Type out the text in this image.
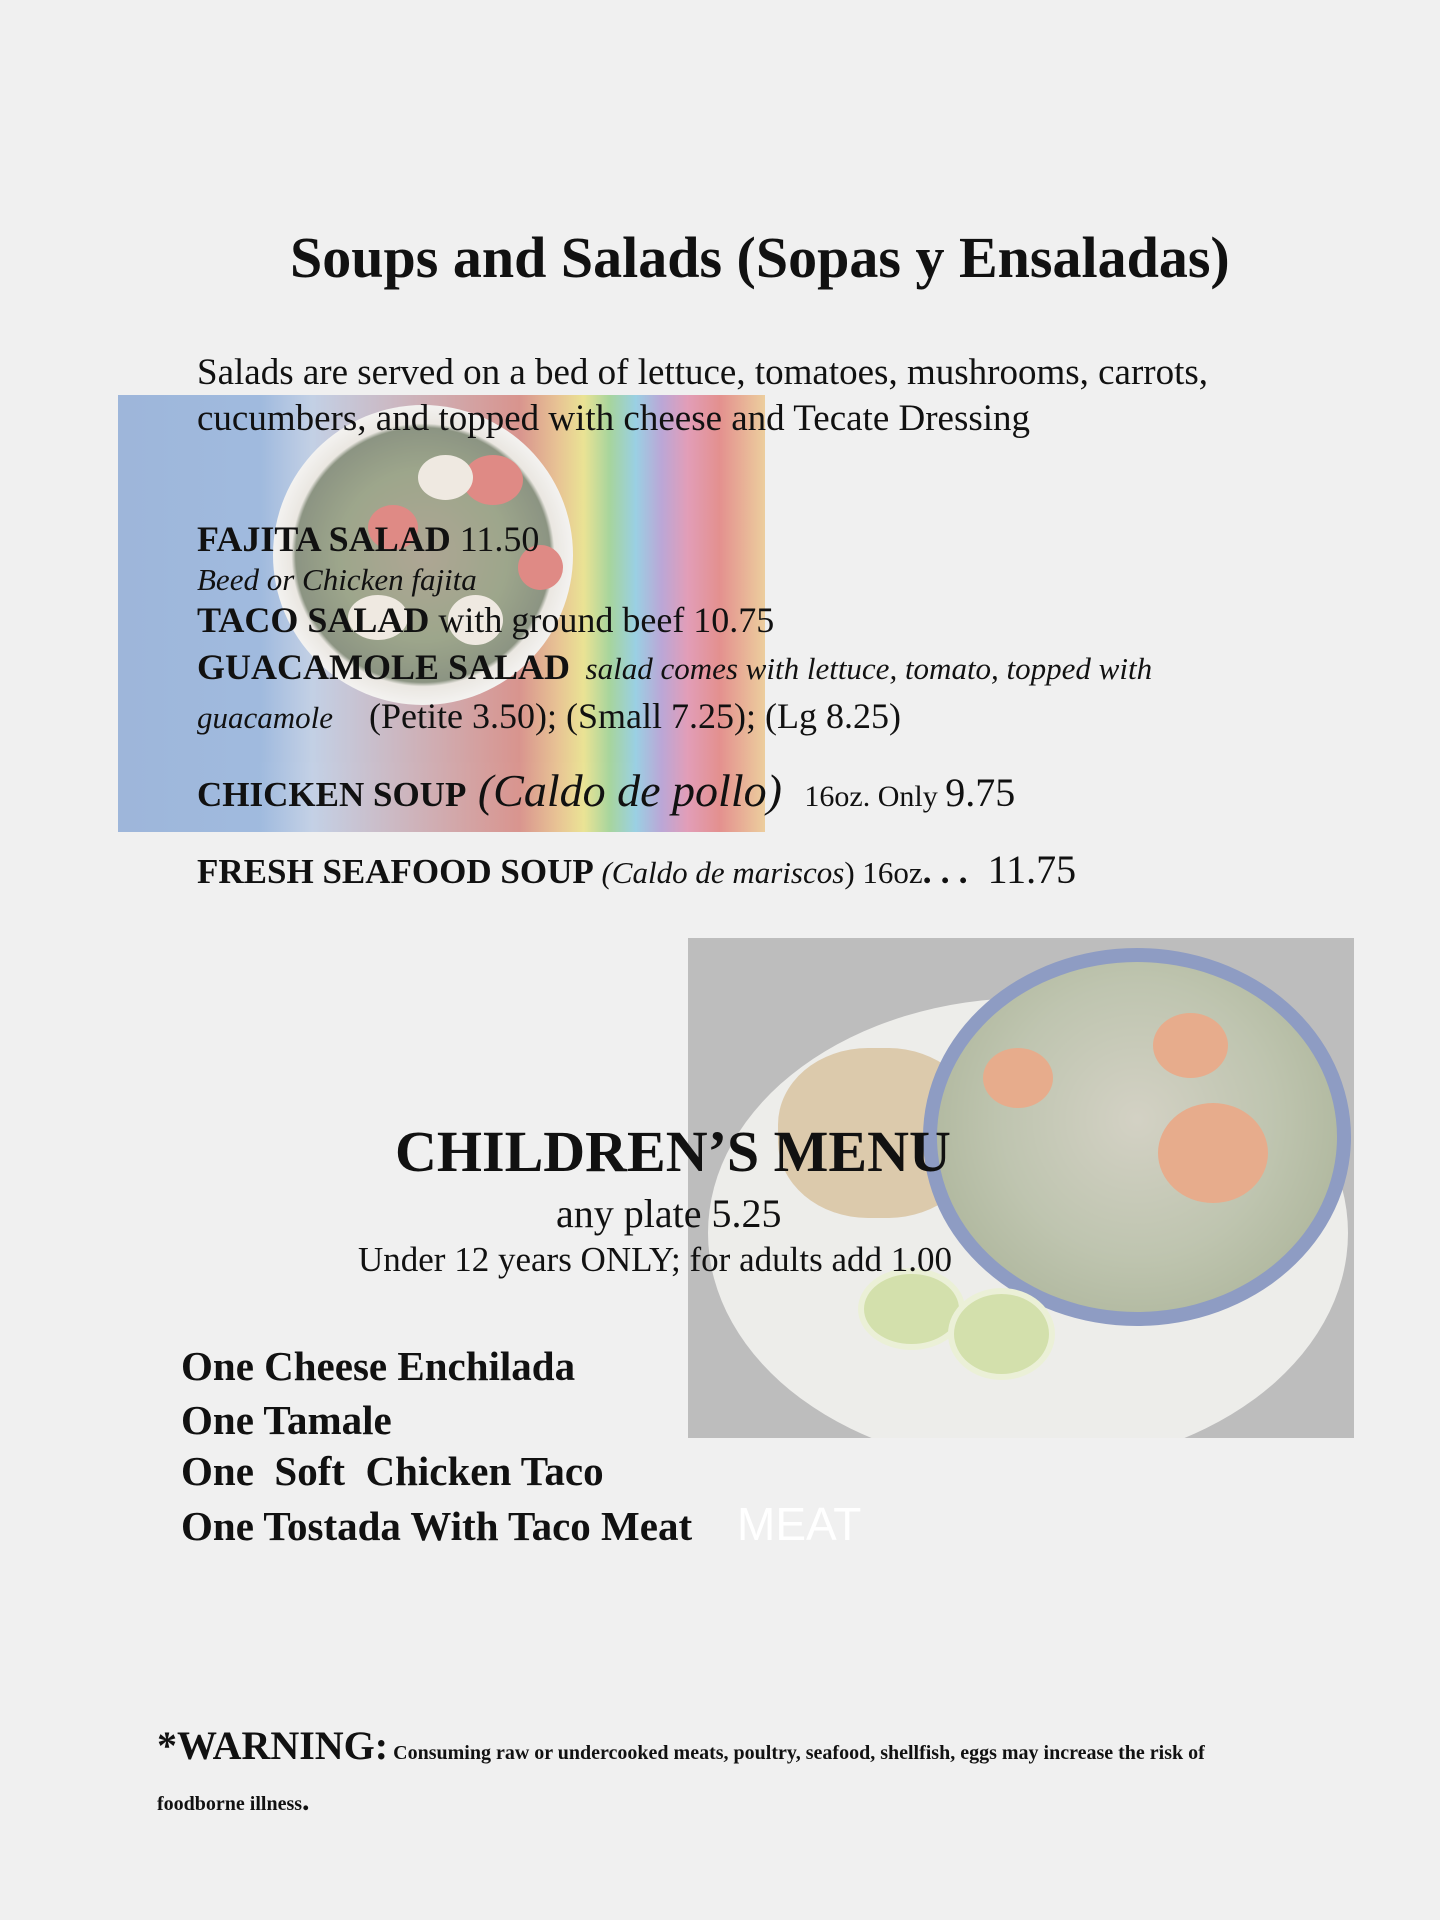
Soups and Salads (Sopas y Ensaladas)
Salads are served on a bed of lettuce, tomatoes, mushrooms, carrots,
cucumbers, and topped with cheese and Tecate Dressing
FAJITA SALAD 11.50
Beed or Chicken fajita
TACO SALAD with ground beef 10.75
GUACAMOLE SALAD  salad comes with lettuce, tomato, topped with
guacamole    (Petite 3.50); (Small 7.25); (Lg 8.25)
CHICKEN SOUP (Caldo de pollo)   16oz. Only 9.75
FRESH SEAFOOD SOUP (Caldo de mariscos) 16oz. . .  11.75
CHILDREN’S MENU
any plate 5.25
Under 12 years ONLY; for adults add 1.00
One Cheese Enchilada
One Tamale
One  Soft  Chicken Taco
One Tostada With Taco Meat MEAT
*WARNING: Consuming raw or undercooked meats, poultry, seafood, shellfish, eggs may increase the risk of
foodborne illness.
